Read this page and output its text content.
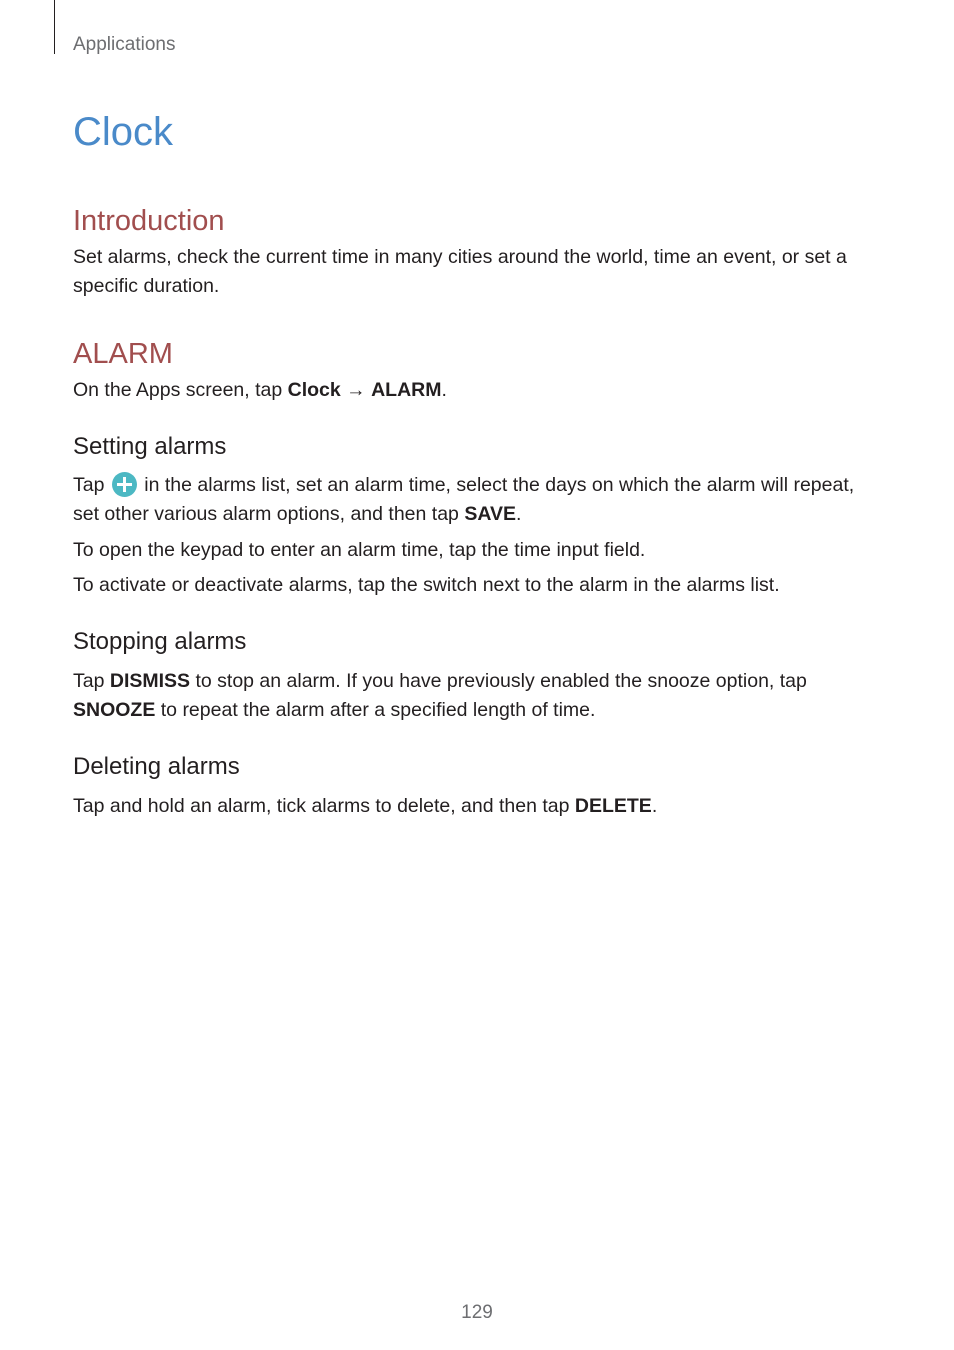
Applications
Clock
Introduction

Set alarms, check the current time in many cities around the world, time an event, or set a specific duration.

ALARM

On the Apps screen, tap Clock → ALARM.

Setting alarms

Tap  in the alarms list, set an alarm time, select the days on which the alarm will repeat, set other various alarm options, and then tap SAVE.

To open the keypad to enter an alarm time, tap the time input field.

To activate or deactivate alarms, tap the switch next to the alarm in the alarms list.

Stopping alarms

Tap DISMISS to stop an alarm. If you have previously enabled the snooze option, tap SNOOZE to repeat the alarm after a specified length of time.

Deleting alarms

Tap and hold an alarm, tick alarms to delete, and then tap DELETE.

129
